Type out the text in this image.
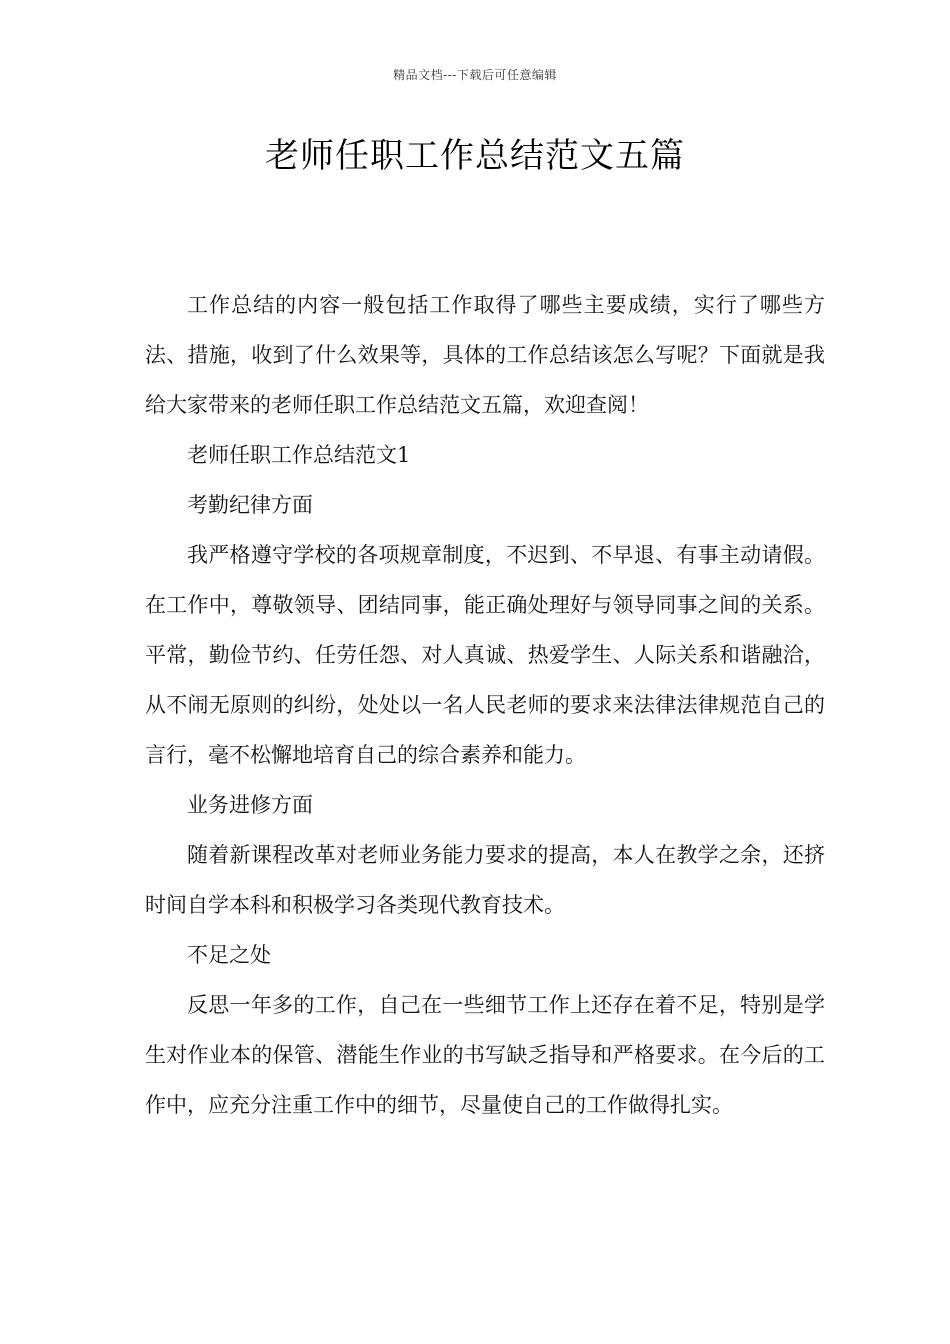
精品文档---下载后可任意编辑
老师任职工作总结范文五篇

工作总结的内容一般包括工作取得了哪些主要成绩，实行了哪些方法、措施，收到了什么效果等，具体的工作总结该怎么写呢？下面就是我给大家带来的老师任职工作总结范文五篇，欢迎查阅！

老师任职工作总结范文1

考勤纪律方面

我严格遵守学校的各项规章制度，不迟到、不早退、有事主动请假。在工作中，尊敬领导、团结同事，能正确处理好与领导同事之间的关系。平常，勤俭节约、任劳任怨、对人真诚、热爱学生、人际关系和谐融洽，从不闹无原则的纠纷，处处以一名人民老师的要求来法律法律规范自己的言行，毫不松懈地培育自己的综合素养和能力。

业务进修方面

随着新课程改革对老师业务能力要求的提高，本人在教学之余，还挤时间自学本科和积极学习各类现代教育技术。

不足之处

反思一年多的工作，自己在一些细节工作上还存在着不足，特别是学生对作业本的保管、潜能生作业的书写缺乏指导和严格要求。在今后的工作中，应充分注重工作中的细节，尽量使自己的工作做得扎实。
